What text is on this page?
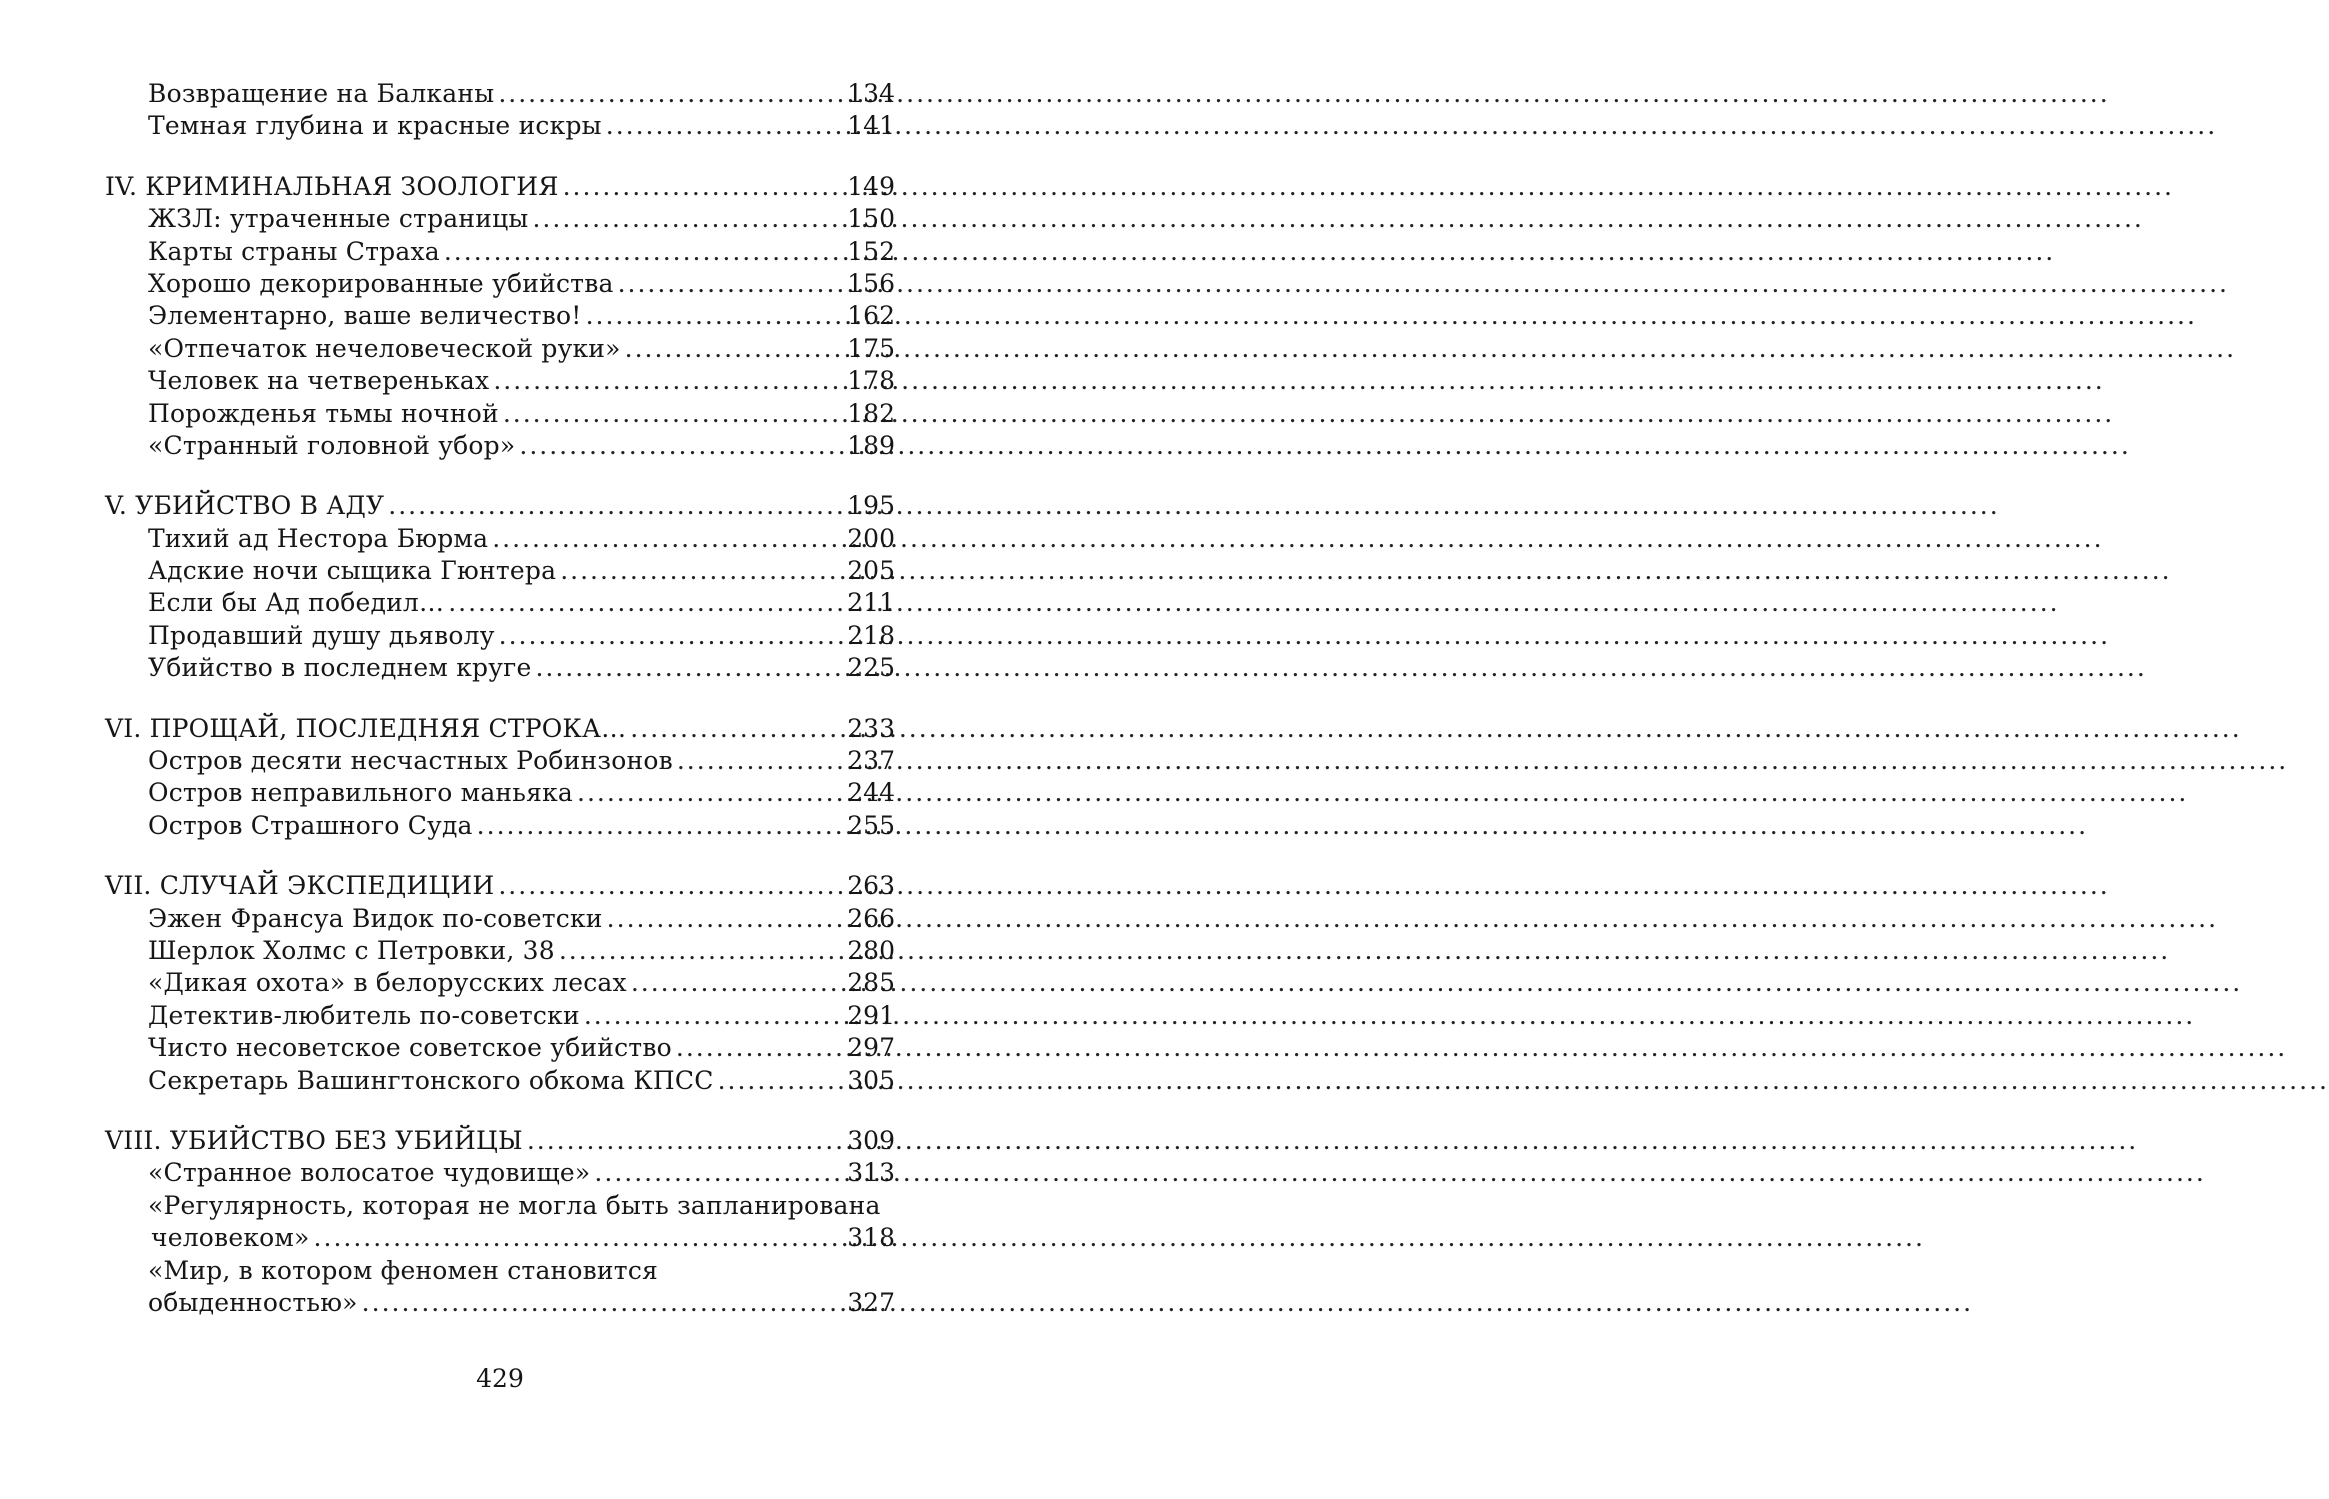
Возвращение на Балканы .....	134
Темная глубина и красные искры .....	141
IV. КРИМИНАЛЬНАЯ ЗООЛОГИЯ .....	149
ЖЗЛ: утраченные страницы .....	150
Карты страны Страха .....	152
Хорошо декорированные убийства .....	156
Элементарно, ваше величество! .....	162
«Отпечаток нечеловеческой руки» .....	175
Человек на четвереньках .....	178
Порожденья тьмы ночной .....	182
«Странный головной убор» .....	189
V. УБИЙСТВО В АДУ .....	195
Тихий ад Нестора Бюрма .....	200
Адские ночи сыщика Гюнтера .....	205
Если бы Ад победил… .....	211
Продавший душу дьяволу .....	218
Убийство в последнем круге .....	225
VI. ПРОЩАЙ, ПОСЛЕДНЯЯ СТРОКА… .....	233
Остров десяти несчастных Робинзонов .....	237
Остров неправильного маньяка .....	244
Остров Страшного Суда .....	255
VII. СЛУЧАЙ ЭКСПЕДИЦИИ .....	263
Эжен Франсуа Видок по-советски .....	266
Шерлок Холмс с Петровки, 38 .....	280
«Дикая охота» в белорусских лесах .....	285
Детектив-любитель по-советски .....	291
Чисто несоветское советское убийство .....	297
Секретарь Вашингтонского обкома КПСС .....	305
VIII. УБИЙСТВО БЕЗ УБИЙЦЫ .....	309
«Странное волосатое чудовище» .....	313
«Регулярность, которая не могла быть запланирована
человеком» .....	318
«Мир, в котором феномен становится
обыденностью» .....	327
429
